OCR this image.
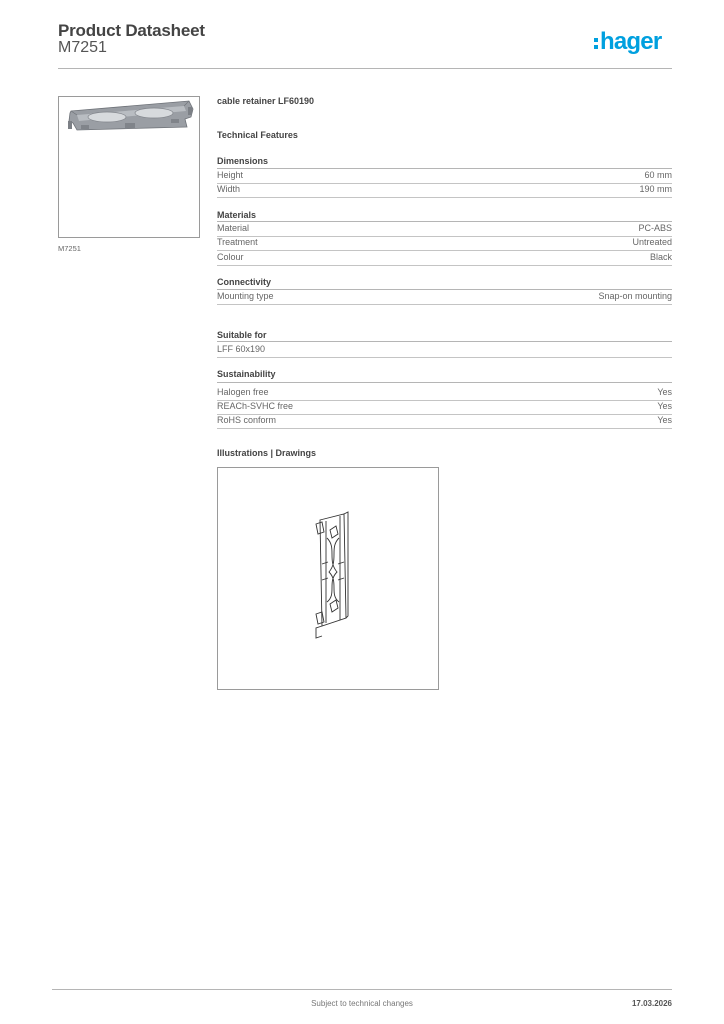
Product Datasheet
M7251	hager
M7251
cable retainer LF60190
Technical Features
Dimensions
Height	60 mm
Width	190 mm
Materials
Material	PC-ABS
Treatment	Untreated
Colour	Black
Connectivity
Mounting type	Snap-on mounting
Suitable for
LFF 60x190
Sustainability
Halogen free	Yes
REACh-SVHC free	Yes
RoHS conform	Yes
Illustrations | Drawings
Subject to technical changes	17.03.2026
